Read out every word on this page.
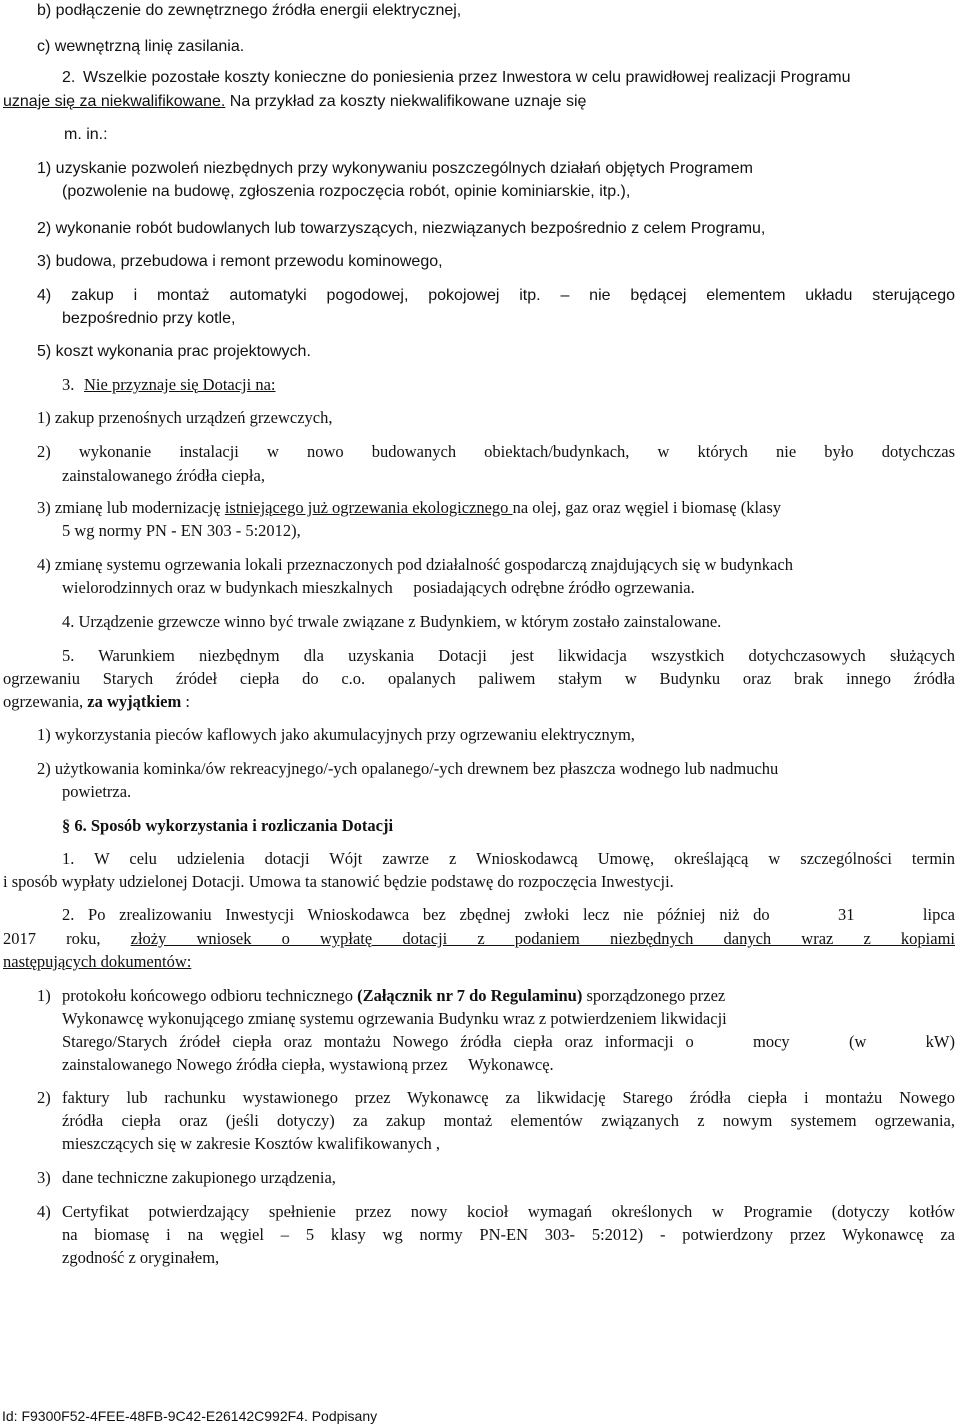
b) podłączenie do zewnętrznego źródła energii elektrycznej,

c) wewnętrzną linię zasilania.

2. Wszelkie pozostałe koszty konieczne do poniesienia przez Inwestora w celu prawidłowej realizacji Programu

uznaje się za niekwalifikowane. Na przykład za koszty niekwalifikowane uznaje się

m. in.:

1) uzyskanie pozwoleń niezbędnych przy wykonywaniu poszczególnych działań objętych Programem

(pozwolenie na budowę, zgłoszenia rozpoczęcia robót, opinie kominiarskie, itp.),

2) wykonanie robót budowlanych lub towarzyszących, niezwiązanych bezpośrednio z celem Programu,

3) budowa, przebudowa i remont przewodu kominowego,

4) zakup i montaż automatyki pogodowej, pokojowej itp. – nie będącej elementem układu sterującego

bezpośrednio przy kotle,

5) koszt wykonania prac projektowych.

3. Nie przyznaje się Dotacji na:

1) zakup przenośnych urządzeń grzewczych,

2) wykonanie instalacji w nowo budowanych obiektach/budynkach, w których nie było dotychczas

zainstalowanego źródła ciepła,

3) zmianę lub modernizację istniejącego już ogrzewania ekologicznego na olej, gaz oraz węgiel i biomasę (klasy

5 wg normy PN - EN 303 - 5:2012),

4) zmianę systemu ogrzewania lokali przeznaczonych pod działalność gospodarczą znajdujących się w budynkach

wielorodzinnych oraz w budynkach mieszkalnych     posiadających odrębne źródło ogrzewania.

4. Urządzenie grzewcze winno być trwale związane z Budynkiem, w którym zostało zainstalowane.

5. Warunkiem niezbędnym dla uzyskania Dotacji jest likwidacja wszystkich dotychczasowych służących

ogrzewaniu Starych źródeł ciepła do c.o. opalanych paliwem stałym w Budynku oraz brak innego źródła

ogrzewania, za wyjątkiem :

1) wykorzystania pieców kaflowych jako akumulacyjnych przy ogrzewaniu elektrycznym,

2) użytkowania kominka/ów rekreacyjnego/-ych opalanego/-ych drewnem bez płaszcza wodnego lub nadmuchu

powietrza.

§ 6. Sposób wykorzystania i rozliczania Dotacji

1. W celu udzielenia dotacji Wójt zawrze z Wnioskodawcą Umowę, określającą w szczególności termin

i sposób wypłaty udzielonej Dotacji. Umowa ta stanowić będzie podstawę do rozpoczęcia Inwestycji.

2. Po zrealizowaniu Inwestycji Wnioskodawca bez zbędnej zwłoki lecz nie później niż do     31     lipca

2017 roku, złoży wniosek o wypłatę dotacji z podaniem niezbędnych danych wraz z kopiami

następujących dokumentów:

1) protokołu końcowego odbioru technicznego (Załącznik nr 7 do Regulaminu) sporządzonego przez

Wykonawcę wykonującego zmianę systemu ogrzewania Budynku wraz z potwierdzeniem likwidacji

Starego/Starych źródeł ciepła oraz montażu Nowego źródła ciepła oraz informacji o     mocy     (w     kW)

zainstalowanego Nowego źródła ciepła, wystawioną przez     Wykonawcę.

2) faktury lub rachunku wystawionego przez Wykonawcę za likwidację Starego źródła ciepła i montażu Nowego

źródła ciepła oraz (jeśli dotyczy) za zakup montaż elementów związanych z nowym systemem ogrzewania,

mieszczących się w zakresie Kosztów kwalifikowanych ,

3) dane techniczne zakupionego urządzenia,

4) Certyfikat potwierdzający spełnienie przez nowy kocioł wymagań określonych w Programie (dotyczy kotłów

na biomasę i na węgiel – 5 klasy wg normy PN-EN 303- 5:2012) - potwierdzony przez Wykonawcę za

zgodność z oryginałem,

Id: F9300F52-4FEE-48FB-9C42-E26142C992F4. Podpisany
